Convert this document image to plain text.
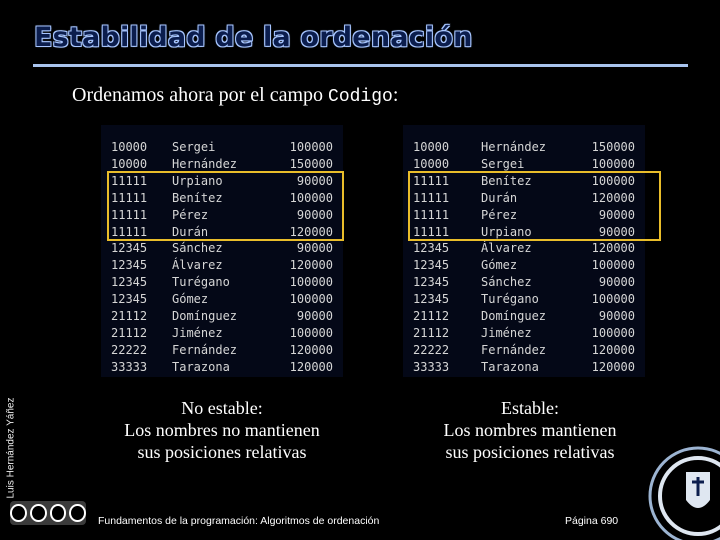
Estabilidad de la ordenación
Ordenamos ahora por el campo Codigo:
Luis Hernández Yáñez
10000	Sergei	100000
10000	Hernández	150000
11111	Urpiano	90000
11111	Benítez	100000
11111	Pérez	90000
11111	Durán	120000
12345	Sánchez	90000
12345	Álvarez	120000
12345	Turégano	100000
12345	Gómez	100000
21112	Domínguez	90000
21112	Jiménez	100000
22222	Fernández	120000
33333	Tarazona	120000
10000	Hernández	150000
10000	Sergei	100000
11111	Benítez	100000
11111	Durán	120000
11111	Pérez	90000
11111	Urpiano	90000
12345	Álvarez	120000
12345	Gómez	100000
12345	Sánchez	90000
12345	Turégano	100000
21112	Domínguez	90000
21112	Jiménez	100000
22222	Fernández	120000
33333	Tarazona	120000
No estable:
Los nombres no mantienen
sus posiciones relativas
Estable:
Los nombres mantienen
sus posiciones relativas
Fundamentos de la programación: Algoritmos de ordenación	Página 690
